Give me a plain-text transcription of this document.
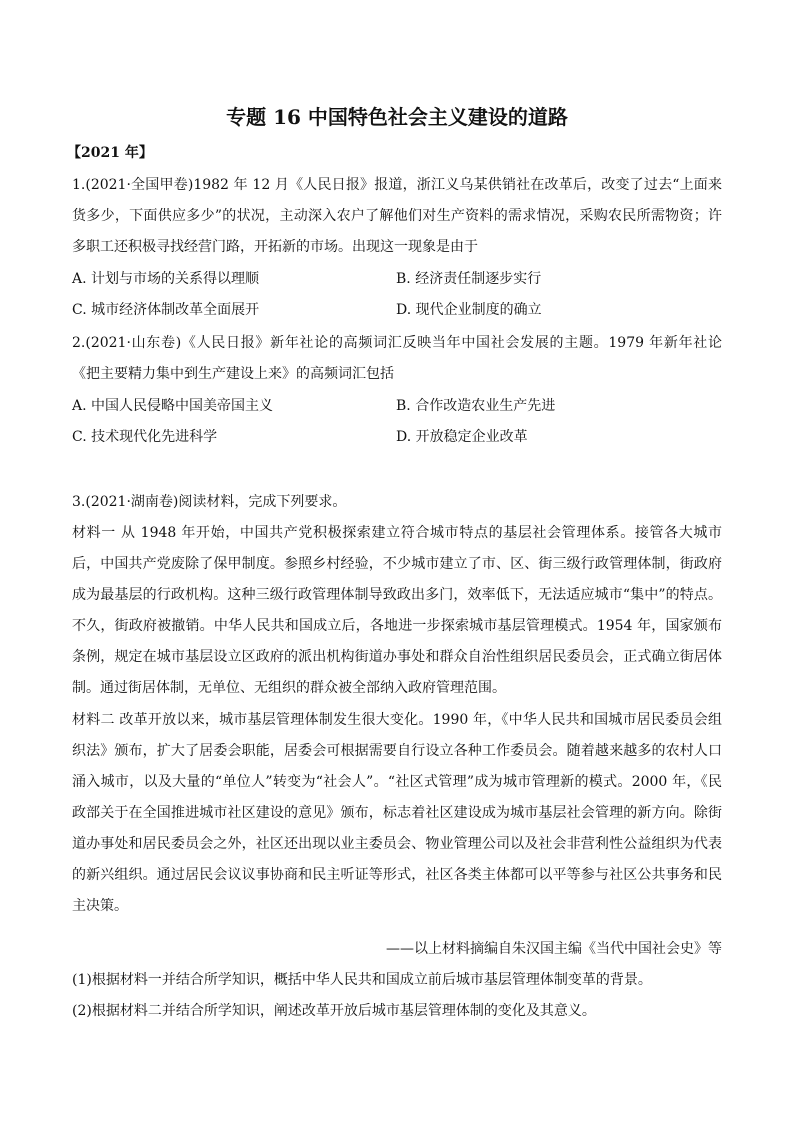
专题 16 中国特色社会主义建设的道路
【2021 年】
1.(2021·全国甲卷)1982 年 12 月《人民日报》报道，浙江义乌某供销社在改革后，改变了过去“上面来货多少，下面供应多少”的状况，主动深入农户了解他们对生产资料的需求情况，采购农民所需物资；许多职工还积极寻找经营门路，开拓新的市场。出现这一现象是由于
A. 计划与市场的关系得以理顺	B. 经济责任制逐步实行
C. 城市经济体制改革全面展开	D. 现代企业制度的确立
2.(2021·山东卷)《人民日报》新年社论的高频词汇反映当年中国社会发展的主题。1979 年新年社论《把主要精力集中到生产建设上来》的高频词汇包括
A. 中国人民侵略中国美帝国主义	B. 合作改造农业生产先进
C. 技术现代化先进科学	D. 开放稳定企业改革
3.(2021·湖南卷)阅读材料，完成下列要求。
材料一 从 1948 年开始，中国共产党积极探索建立符合城市特点的基层社会管理体系。接管各大城市后，中国共产党废除了保甲制度。参照乡村经验，不少城市建立了市、区、街三级行政管理体制，街政府成为最基层的行政机构。这种三级行政管理体制导致政出多门，效率低下，无法适应城市“集中”的特点。不久，街政府被撤销。中华人民共和国成立后，各地进一步探索城市基层管理模式。1954 年，国家颁布条例，规定在城市基层设立区政府的派出机构街道办事处和群众自治性组织居民委员会，正式确立街居体制。通过街居体制，无单位、无组织的群众被全部纳入政府管理范围。
材料二 改革开放以来，城市基层管理体制发生很大变化。1990 年，《中华人民共和国城市居民委员会组织法》颁布，扩大了居委会职能，居委会可根据需要自行设立各种工作委员会。随着越来越多的农村人口涌入城市，以及大量的“单位人”转变为“社会人”。“社区式管理”成为城市管理新的模式。2000 年，《民政部关于在全国推进城市社区建设的意见》颁布，标志着社区建设成为城市基层社会管理的新方向。除街道办事处和居民委员会之外，社区还出现以业主委员会、物业管理公司以及社会非营利性公益组织为代表的新兴组织。通过居民会议议事协商和民主听证等形式，社区各类主体都可以平等参与社区公共事务和民主决策。
——以上材料摘编自朱汉国主编《当代中国社会史》等
(1)根据材料一并结合所学知识，概括中华人民共和国成立前后城市基层管理体制变革的背景。
(2)根据材料二并结合所学知识，阐述改革开放后城市基层管理体制的变化及其意义。
